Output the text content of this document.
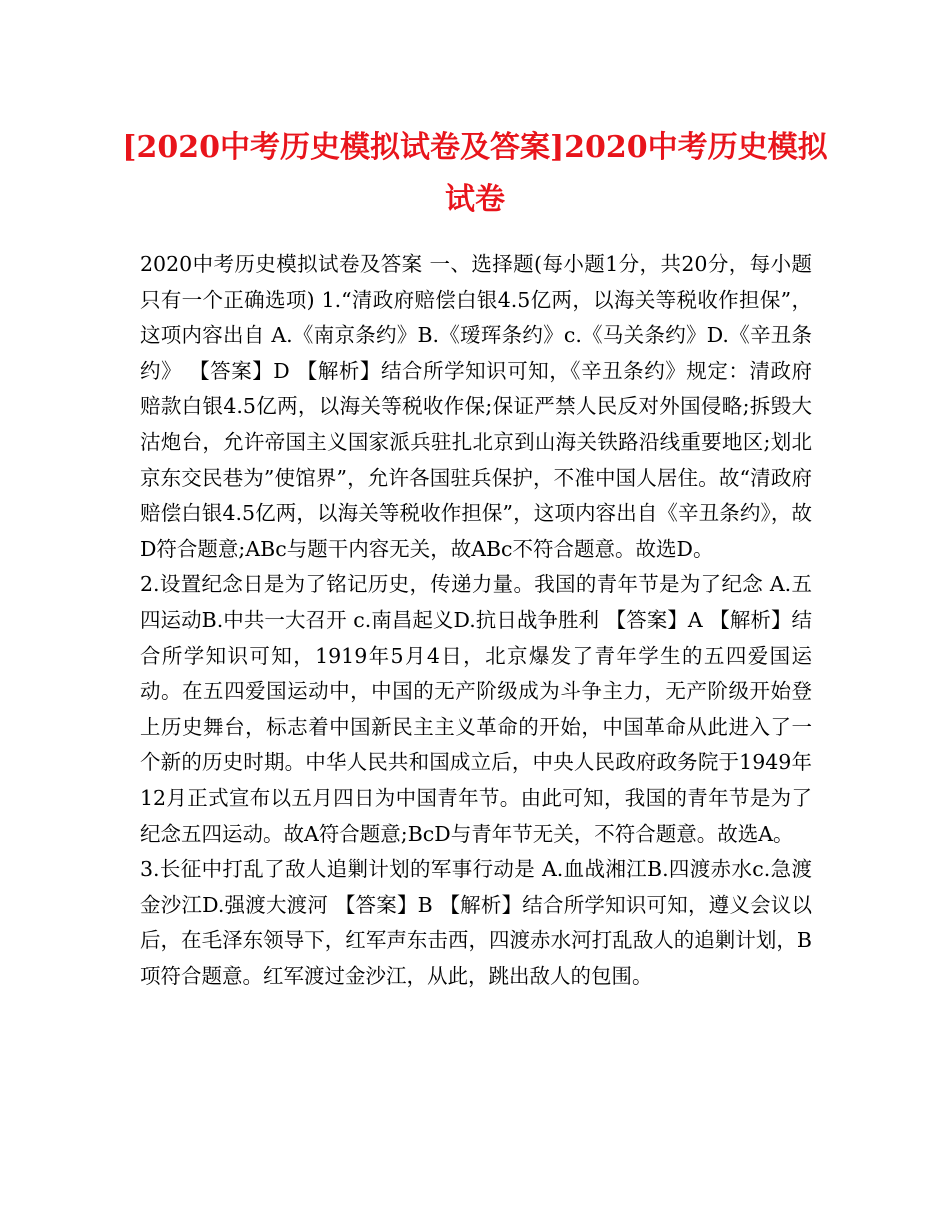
[2020中考历史模拟试卷及答案]2020中考历史模拟试卷

2020中考历史模拟试卷及答案 一、选择题(每小题1分，共20分，每小题只有一个正确选项) 1.“清政府赔偿白银4.5亿两，以海关等税收作担保”，这项内容出自 A.《南京条约》B.《瑷珲条约》c.《马关条约》D.《辛丑条约》 【答案】D 【解析】结合所学知识可知，《辛丑条约》规定：清政府赔款白银4.5亿两，以海关等税收作保;保证严禁人民反对外国侵略;拆毁大沽炮台，允许帝国主义国家派兵驻扎北京到山海关铁路沿线重要地区;划北京东交民巷为”使馆界”，允许各国驻兵保护，不准中国人居住。故“清政府赔偿白银4.5亿两，以海关等税收作担保”，这项内容出自《辛丑条约》，故D符合题意;ABc与题干内容无关，故ABc不符合题意。故选D。

2.设置纪念日是为了铭记历史，传递力量。我国的青年节是为了纪念 A.五四运动B.中共一大召开 c.南昌起义D.抗日战争胜利 【答案】A 【解析】结合所学知识可知，1919年5月4日，北京爆发了青年学生的五四爱国运动。在五四爱国运动中，中国的无产阶级成为斗争主力，无产阶级开始登上历史舞台，标志着中国新民主主义革命的开始，中国革命从此进入了一个新的历史时期。中华人民共和国成立后，中央人民政府政务院于1949年12月正式宣布以五月四日为中国青年节。由此可知，我国的青年节是为了纪念五四运动。故A符合题意;BcD与青年节无关，不符合题意。故选A。

3.长征中打乱了敌人追剿计划的军事行动是 A.血战湘江B.四渡赤水c.急渡金沙江D.强渡大渡河 【答案】B 【解析】结合所学知识可知，遵义会议以后，在毛泽东领导下，红军声东击西，四渡赤水河打乱敌人的追剿计划，B项符合题意。红军渡过金沙江，从此，跳出敌人的包围。
